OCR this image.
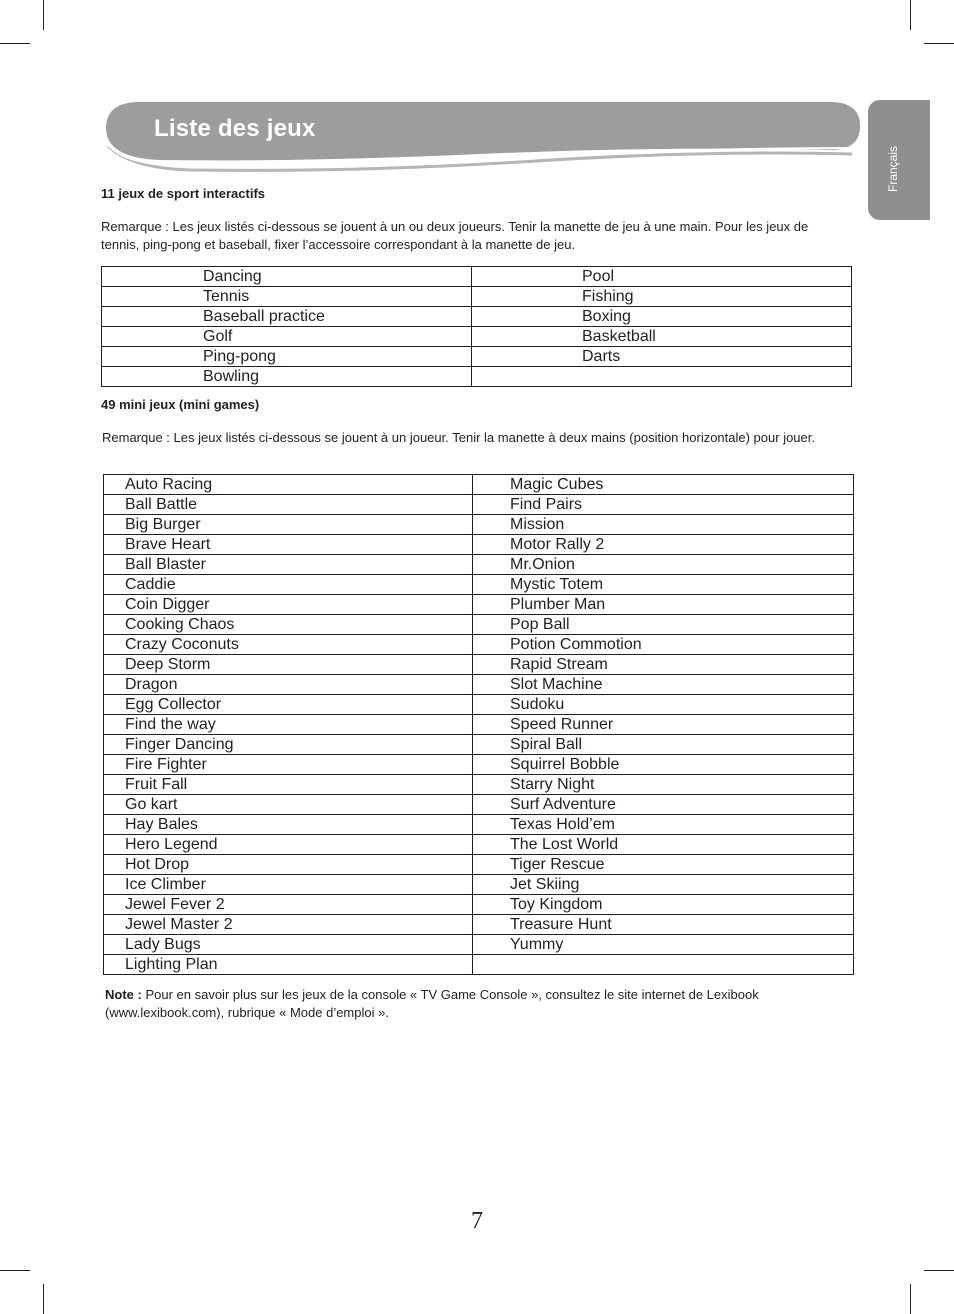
Liste des jeux
Français
11 jeux de sport interactifs

Remarque : Les jeux listés ci-dessous se jouent à un ou deux joueurs. Tenir la manette de jeu à une main. Pour les jeux de tennis, ping-pong et baseball, fixer l’accessoire correspondant à la manette de jeu.

Dancing	Pool
Tennis	Fishing
Baseball practice	Boxing
Golf	Basketball
Ping-pong	Darts
Bowling	
49 mini jeux (mini games)

Remarque : Les jeux listés ci-dessous se jouent à un joueur. Tenir la manette à deux mains (position horizontale) pour jouer.

Auto Racing	Magic Cubes
Ball Battle	Find Pairs
Big Burger	Mission
Brave Heart	Motor Rally 2
Ball Blaster	Mr.Onion
Caddie	Mystic Totem
Coin Digger	Plumber Man
Cooking Chaos	Pop Ball
Crazy Coconuts	Potion Commotion
Deep Storm	Rapid Stream
Dragon	Slot Machine
Egg Collector	Sudoku
Find the way	Speed Runner
Finger Dancing	Spiral Ball
Fire Fighter	Squirrel Bobble
Fruit Fall	Starry Night
Go kart	Surf Adventure
Hay Bales	Texas Hold’em
Hero Legend	The Lost World
Hot Drop	Tiger Rescue
Ice Climber	Jet Skiing
Jewel Fever 2	Toy Kingdom
Jewel Master 2	Treasure Hunt
Lady Bugs	Yummy
Lighting Plan	

Note : Pour en savoir plus sur les jeux de la console « TV Game Console », consultez le site internet de Lexibook (www.lexibook.com), rubrique « Mode d’emploi ».

7
